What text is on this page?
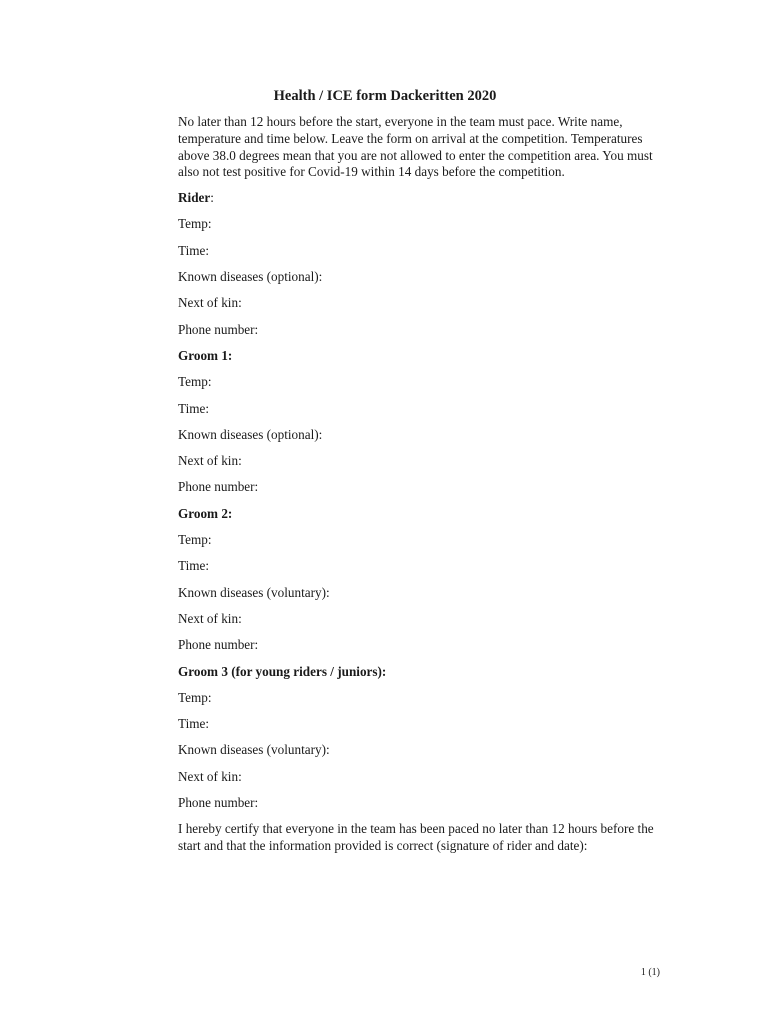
Health / ICE form Dackeritten 2020

No later than 12 hours before the start, everyone in the team must pace. Write name, temperature and time below. Leave the form on arrival at the competition. Temperatures above 38.0 degrees mean that you are not allowed to enter the competition area. You must also not test positive for Covid-19 within 14 days before the competition.

Rider:

Temp:

Time:

Known diseases (optional):

Next of kin:

Phone number:

Groom 1:

Temp:

Time:

Known diseases (optional):

Next of kin:

Phone number:

Groom 2:

Temp:

Time:

Known diseases (voluntary):

Next of kin:

Phone number:

Groom 3 (for young riders / juniors):

Temp:

Time:

Known diseases (voluntary):

Next of kin:

Phone number:

I hereby certify that everyone in the team has been paced no later than 12 hours before the start and that the information provided is correct (signature of rider and date):

1 (1)
